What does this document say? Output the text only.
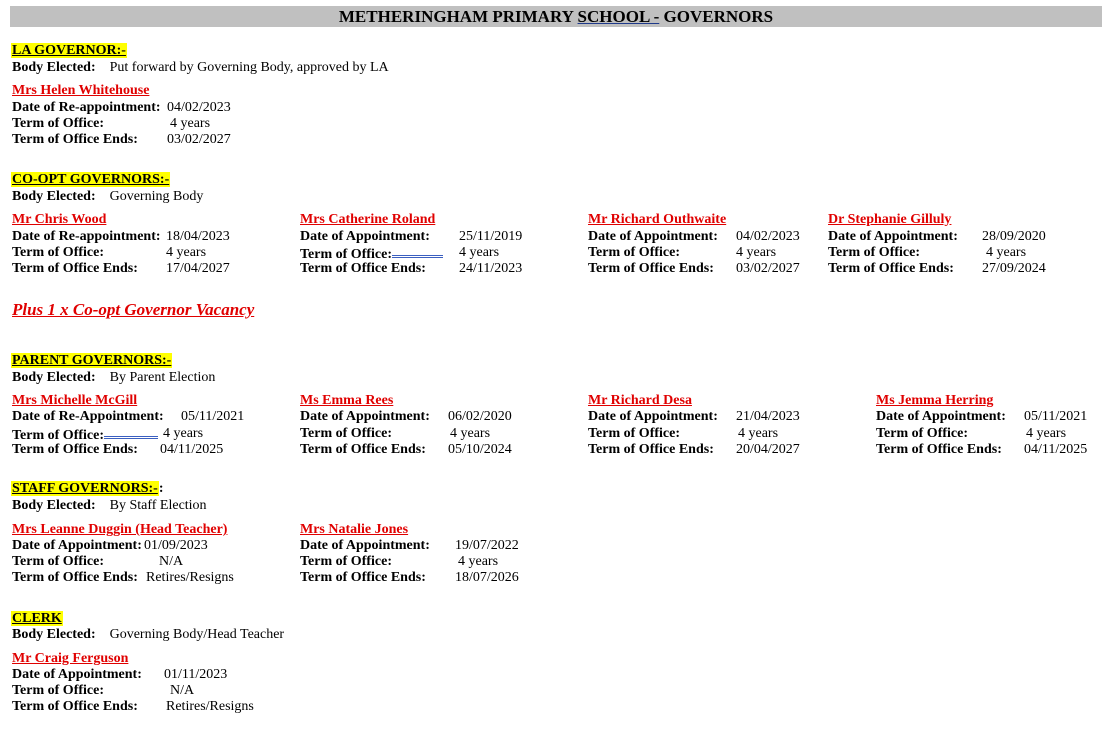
METHERINGHAM PRIMARY SCHOOL - GOVERNORS
LA GOVERNOR:-
Body Elected: Put forward by Governing Body, approved by LA
Mrs Helen Whitehouse
Date of Re-appointment: 04/02/2023
Term of Office:	4 years
Term of Office Ends: 03/02/2027
CO-OPT GOVERNORS:-
Body Elected: Governing Body
Mr Chris Wood
Date of Re-appointment: 18/04/2023
Term of Office:	4 years
Term of Office Ends: 17/04/2027
Mrs Catherine Roland
Date of Appointment: 25/11/2019
Term of Office:	4 years
Term of Office Ends: 24/11/2023
Mr Richard Outhwaite
Date of Appointment: 04/02/2023
Term of Office:	4 years
Term of Office Ends: 03/02/2027
Dr Stephanie Gilluly
Date of Appointment: 28/09/2020
Term of Office:	4 years
Term of Office Ends: 27/09/2024
Plus 1 x Co-opt Governor Vacancy
PARENT GOVERNORS:-
Body Elected: By Parent Election
Mrs Michelle McGill
Date of Re-Appointment: 05/11/2021
Term of Office:	4 years
Term of Office Ends: 04/11/2025
Ms Emma Rees
Date of Appointment: 06/02/2020
Term of Office:	4 years
Term of Office Ends: 05/10/2024
Mr Richard Desa
Date of Appointment: 21/04/2023
Term of Office:	4 years
Term of Office Ends: 20/04/2027
Ms Jemma Herring
Date of Appointment: 05/11/2021
Term of Office:	4 years
Term of Office Ends: 04/11/2025
STAFF GOVERNORS:-:
Body Elected: By Staff Election
Mrs Leanne Duggin (Head Teacher)
Date of Appointment: 01/09/2023
Term of Office:	N/A
Term of Office Ends: Retires/Resigns
Mrs Natalie Jones
Date of Appointment: 19/07/2022
Term of Office:	4 years
Term of Office Ends: 18/07/2026
CLERK
Body Elected: Governing Body/Head Teacher
Mr Craig Ferguson
Date of Appointment: 01/11/2023
Term of Office:	N/A
Term of Office Ends: Retires/Resigns
